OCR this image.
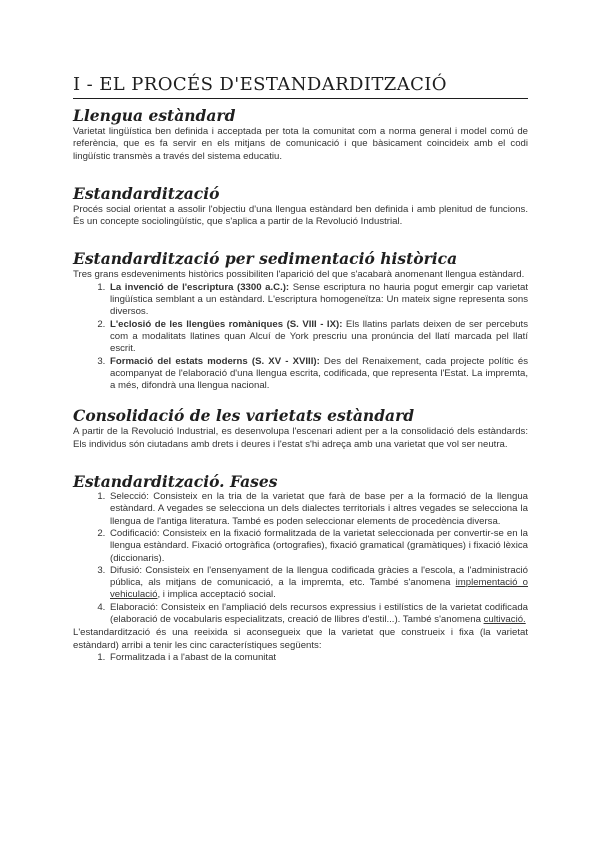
I - EL PROCÉS D'ESTANDARDITZACIÓ
Llengua estàndard

Varietat lingüística ben definida i acceptada per tota la comunitat com a norma general i model comú de referència, que es fa servir en els mitjans de comunicació i que bàsicament coincideix amb el codi lingüístic transmès a través del sistema educatiu.

Estandardització

Procés social orientat a assolir l'objectiu d'una llengua estàndard ben definida i amb plenitud de funcions. És un concepte sociolingüístic, que s'aplica a partir de la Revolució Industrial.

Estandardització per sedimentació històrica

Tres grans esdeveniments històrics possibiliten l'aparició del que s'acabarà anomenant llengua estàndard.

1. La invenció de l'escriptura (3300 a.C.): Sense escriptura no hauria pogut emergir cap varietat lingüística semblant a un estàndard. L'escriptura homogeneïtza: Un mateix signe representa sons diversos.
2. L'eclosió de les llengües romàniques (S. VIII - IX): Els llatins parlats deixen de ser percebuts com a modalitats llatines quan Alcuí de York prescriu una pronúncia del llatí marcada pel llatí escrit.
3. Formació del estats moderns (S. XV - XVIII): Des del Renaixement, cada projecte polític és acompanyat de l'elaboració d'una llengua escrita, codificada, que representa l'Estat. La impremta, a més, difondrà una llengua nacional.
Consolidació de les varietats estàndard

A partir de la Revolució Industrial, es desenvolupa l'escenari adient per a la consolidació dels estàndards: Els individus són ciutadans amb drets i deures i l'estat s'hi adreça amb una varietat que vol ser neutra.

Estandardització. Fases
1. Selecció: Consisteix en la tria de la varietat que farà de base per a la formació de la llengua estàndard. A vegades se selecciona un dels dialectes territorials i altres vegades se selecciona la llengua de l'antiga literatura. També es poden seleccionar elements de procedència diversa.
2. Codificació: Consisteix en la fixació formalitzada de la varietat seleccionada per convertir-se en la llengua estàndard. Fixació ortogràfica (ortografies), fixació gramatical (gramàtiques) i fixació lèxica (diccionaris).
3. Difusió: Consisteix en l'ensenyament de la llengua codificada gràcies a l'escola, a l'administració pública, als mitjans de comunicació, a la impremta, etc. També s'anomena implementació o vehiculació, i implica acceptació social.
4. Elaboració: Consisteix en l'ampliació dels recursos expressius i estilístics de la varietat codificada (elaboració de vocabularis especialitzats, creació de llibres d'estil...). També s'anomena cultivació.

L'estandardització és una reeixida si aconsegueix que la varietat que construeix i fixa (la varietat estàndard) arribi a tenir les cinc característiques següents:

1. Formalitzada i a l'abast de la comunitat
